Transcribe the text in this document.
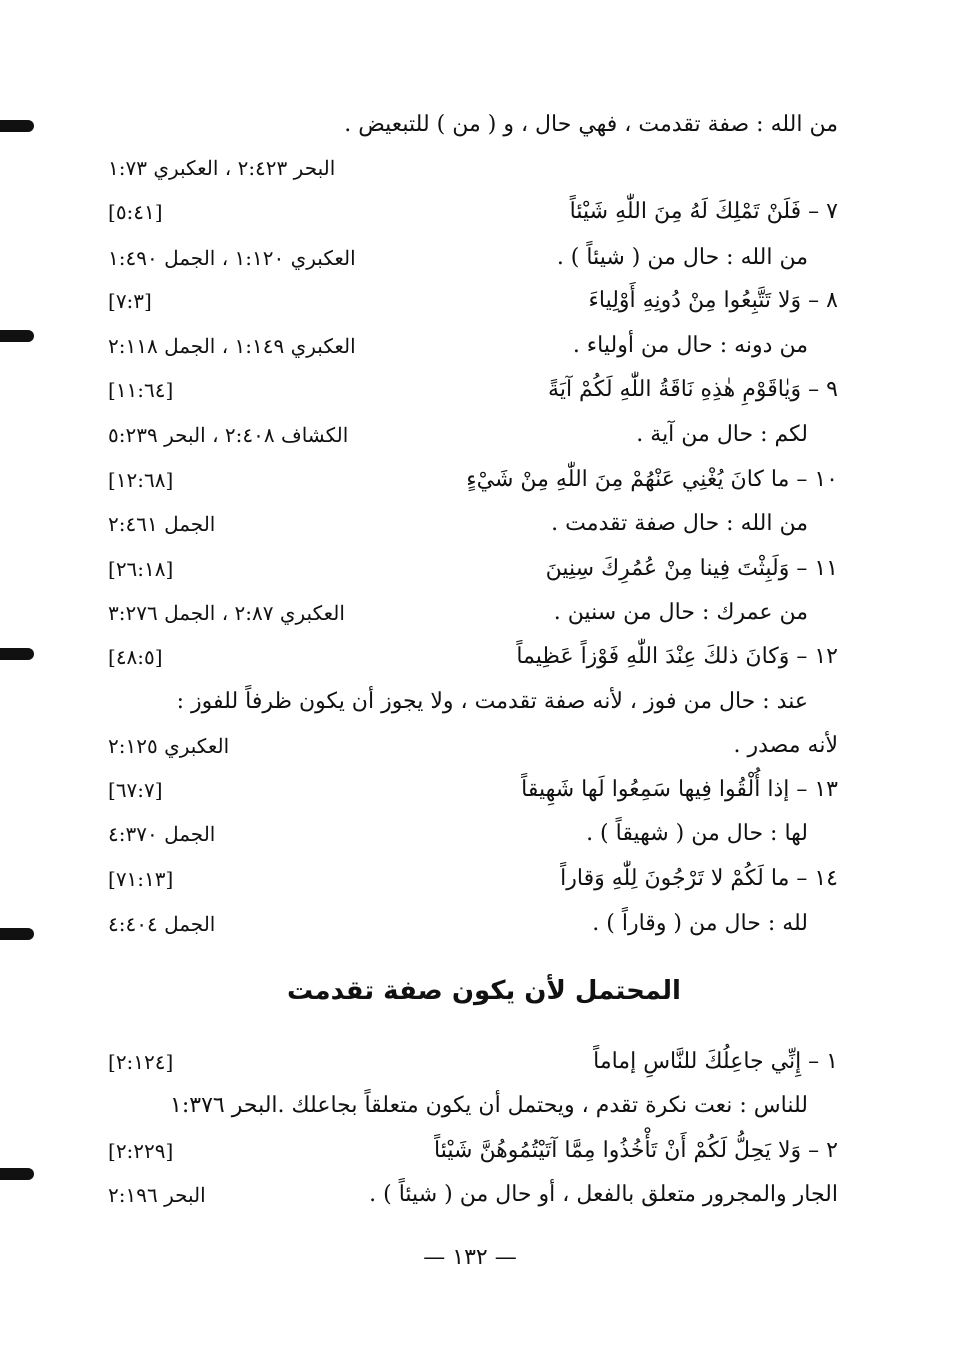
من الله : صفة تقدمت ، فهي حال ، و ( من ) للتبعيض .
البحر ٢:٤٢٣ ، العكبري ١:٧٣
٧ – فَلَنْ تَمْلِكَ لَهُ مِنَ اللّٰهِ شَيْئاً
[٥:٤١]
من الله : حال من ( شيئاً ) .
العكبري ١:١٢٠ ، الجمل ١:٤٩٠
٨ – وَلا تَتَّبِعُوا مِنْ دُونِهِ أَوْلِياءَ
[٧:٣]
من دونه : حال من أولياء .
العكبري ١:١٤٩ ، الجمل ٢:١١٨
٩ – وَيٰاقَوْمِ هٰذِهِ نَاقَةُ اللّٰهِ لَكُمْ آيَةً
[١١:٦٤]
لكم : حال من آية .
الكشاف ٢:٤٠٨ ، البحر ٥:٢٣٩
١٠ – ما كانَ يُغْنِي عَنْهُمْ مِنَ اللّٰهِ مِنْ شَيْءٍ
[١٢:٦٨]
من الله : حال صفة تقدمت .
الجمل ٢:٤٦١
١١ – وَلَبِثْتَ فِينا مِنْ عُمُرِكَ سِنِينَ
[٢٦:١٨]
من عمرك : حال من سنين .
العكبري ٢:٨٧ ، الجمل ٣:٢٧٦
١٢ – وَكانَ ذلكَ عِنْدَ اللّٰهِ فَوْزاً عَظِيماً
[٤٨:٥]
عند : حال من فوز ، لأنه صفة تقدمت ، ولا يجوز أن يكون ظرفاً للفوز :
لأنه مصدر .
العكبري ٢:١٢٥
١٣ – إذا أُلْقُوا فِيها سَمِعُوا لَها شَهِيقاً
[٦٧:٧]
لها : حال من ( شهيقاً ) .
الجمل ٤:٣٧٠
١٤ – ما لَكُمْ لا تَرْجُونَ لِلّٰهِ وَقاراً
[٧١:١٣]
لله : حال من ( وقاراً ) .
الجمل ٤:٤٠٤
المحتمل لأن يكون صفة تقدمت
١ – إِنِّي جاعِلُكَ للنَّاسِ إماماً
[٢:١٢٤]
للناس : نعت نكرة تقدم ، ويحتمل أن يكون متعلقاً بجاعلك .البحر ١:٣٧٦
٢ – وَلا يَحِلُّ لَكُمْ أَنْ تَأْخُذُوا مِمَّا آتَيْتُمُوهُنَّ شَيْئاً
[٢:٢٢٩]
الجار والمجرور متعلق بالفعل ، أو حال من ( شيئاً ) .
البحر ٢:١٩٦
— ١٣٢ —
